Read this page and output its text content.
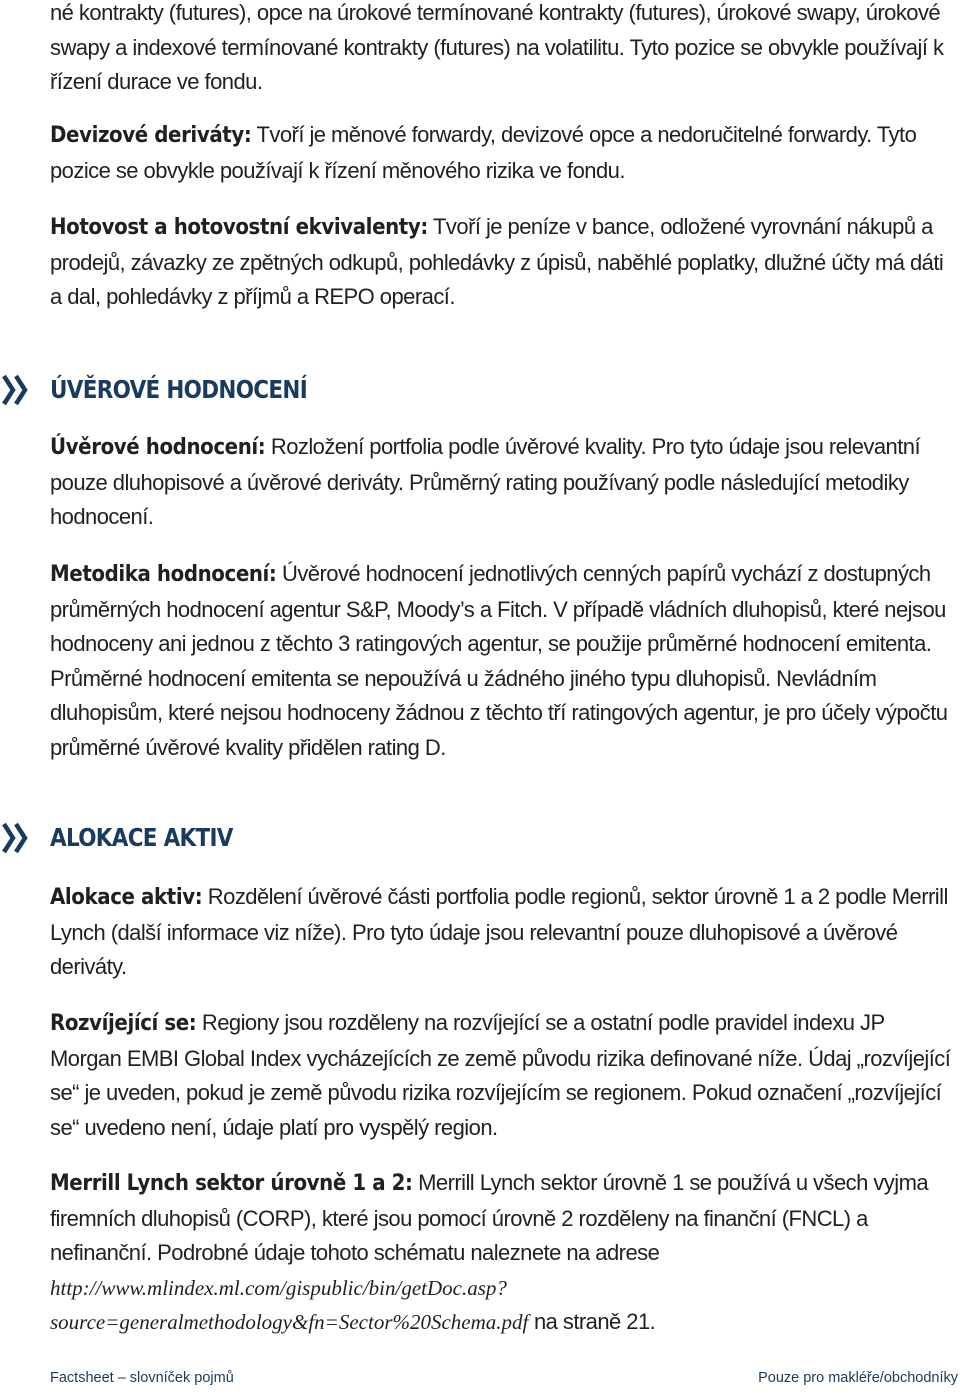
né kontrakty (futures), opce na úrokové termínované kontrakty (futures), úrokové swapy, úrokové swapy a indexové termínované kontrakty (futures) na volatilitu. Tyto pozice se obvykle používají k řízení durace ve fondu.

Devizové deriváty: Tvoří je měnové forwardy, devizové opce a nedoručitelné forwardy. Tyto pozice se obvykle používají k řízení měnového rizika ve fondu.

Hotovost a hotovostní ekvivalenty: Tvoří je peníze v bance, odložené vyrovnání nákupů a prodejů, závazky ze zpětných odkupů, pohledávky z úpisů, naběhlé poplatky, dlužné účty má dáti a dal, pohledávky z příjmů a REPO operací.

ÚVĚROVÉ HODNOCENÍ

Úvěrové hodnocení: Rozložení portfolia podle úvěrové kvality. Pro tyto údaje jsou relevantní pouze dluhopisové a úvěrové deriváty. Průměrný rating používaný podle následující metodiky hodnocení.

Metodika hodnocení: Úvěrové hodnocení jednotlivých cenných papírů vychází z dostupných průměrných hodnocení agentur S&P, Moody’s a Fitch. V případě vládních dluhopisů, které nejsou hodnoceny ani jednou z těchto 3 ratingových agentur, se použije průměrné hodnocení emitenta. Průměrné hodnocení emitenta se nepoužívá u žádného jiného typu dluhopisů. Nevládním dluhopisům, které nejsou hodnoceny žádnou z těchto tří ratingových agentur, je pro účely výpočtu průměrné úvěrové kvality přidělen rating D.

ALOKACE AKTIV

Alokace aktiv: Rozdělení úvěrové části portfolia podle regionů, sektor úrovně 1 a 2 podle Merrill Lynch (další informace viz níže). Pro tyto údaje jsou relevantní pouze dluhopisové a úvěrové deriváty.

Rozvíjející se: Regiony jsou rozděleny na rozvíjející se a ostatní podle pravidel indexu JP Morgan EMBI Global Index vycházejících ze země původu rizika definované níže. Údaj „rozvíjející se“ je uveden, pokud je země původu rizika rozvíjejícím se regionem. Pokud označení „rozvíjející se“ uvedeno není, údaje platí pro vyspělý region.

Merrill Lynch sektor úrovně 1 a 2: Merrill Lynch sektor úrovně 1 se používá u všech vyjma firemních dluhopisů (CORP), které jsou pomocí úrovně 2 rozděleny na finanční (FNCL) a nefinanční. Podrobné údaje tohoto schématu naleznete na adrese http://www.mlindex.ml.com/gispublic/bin/getDoc.asp?source=generalmethodology&fn=Sector%20Schema.pdf na straně 21.

Factsheet – slovníček pojmů	Pouze pro makléře/obchodníky
